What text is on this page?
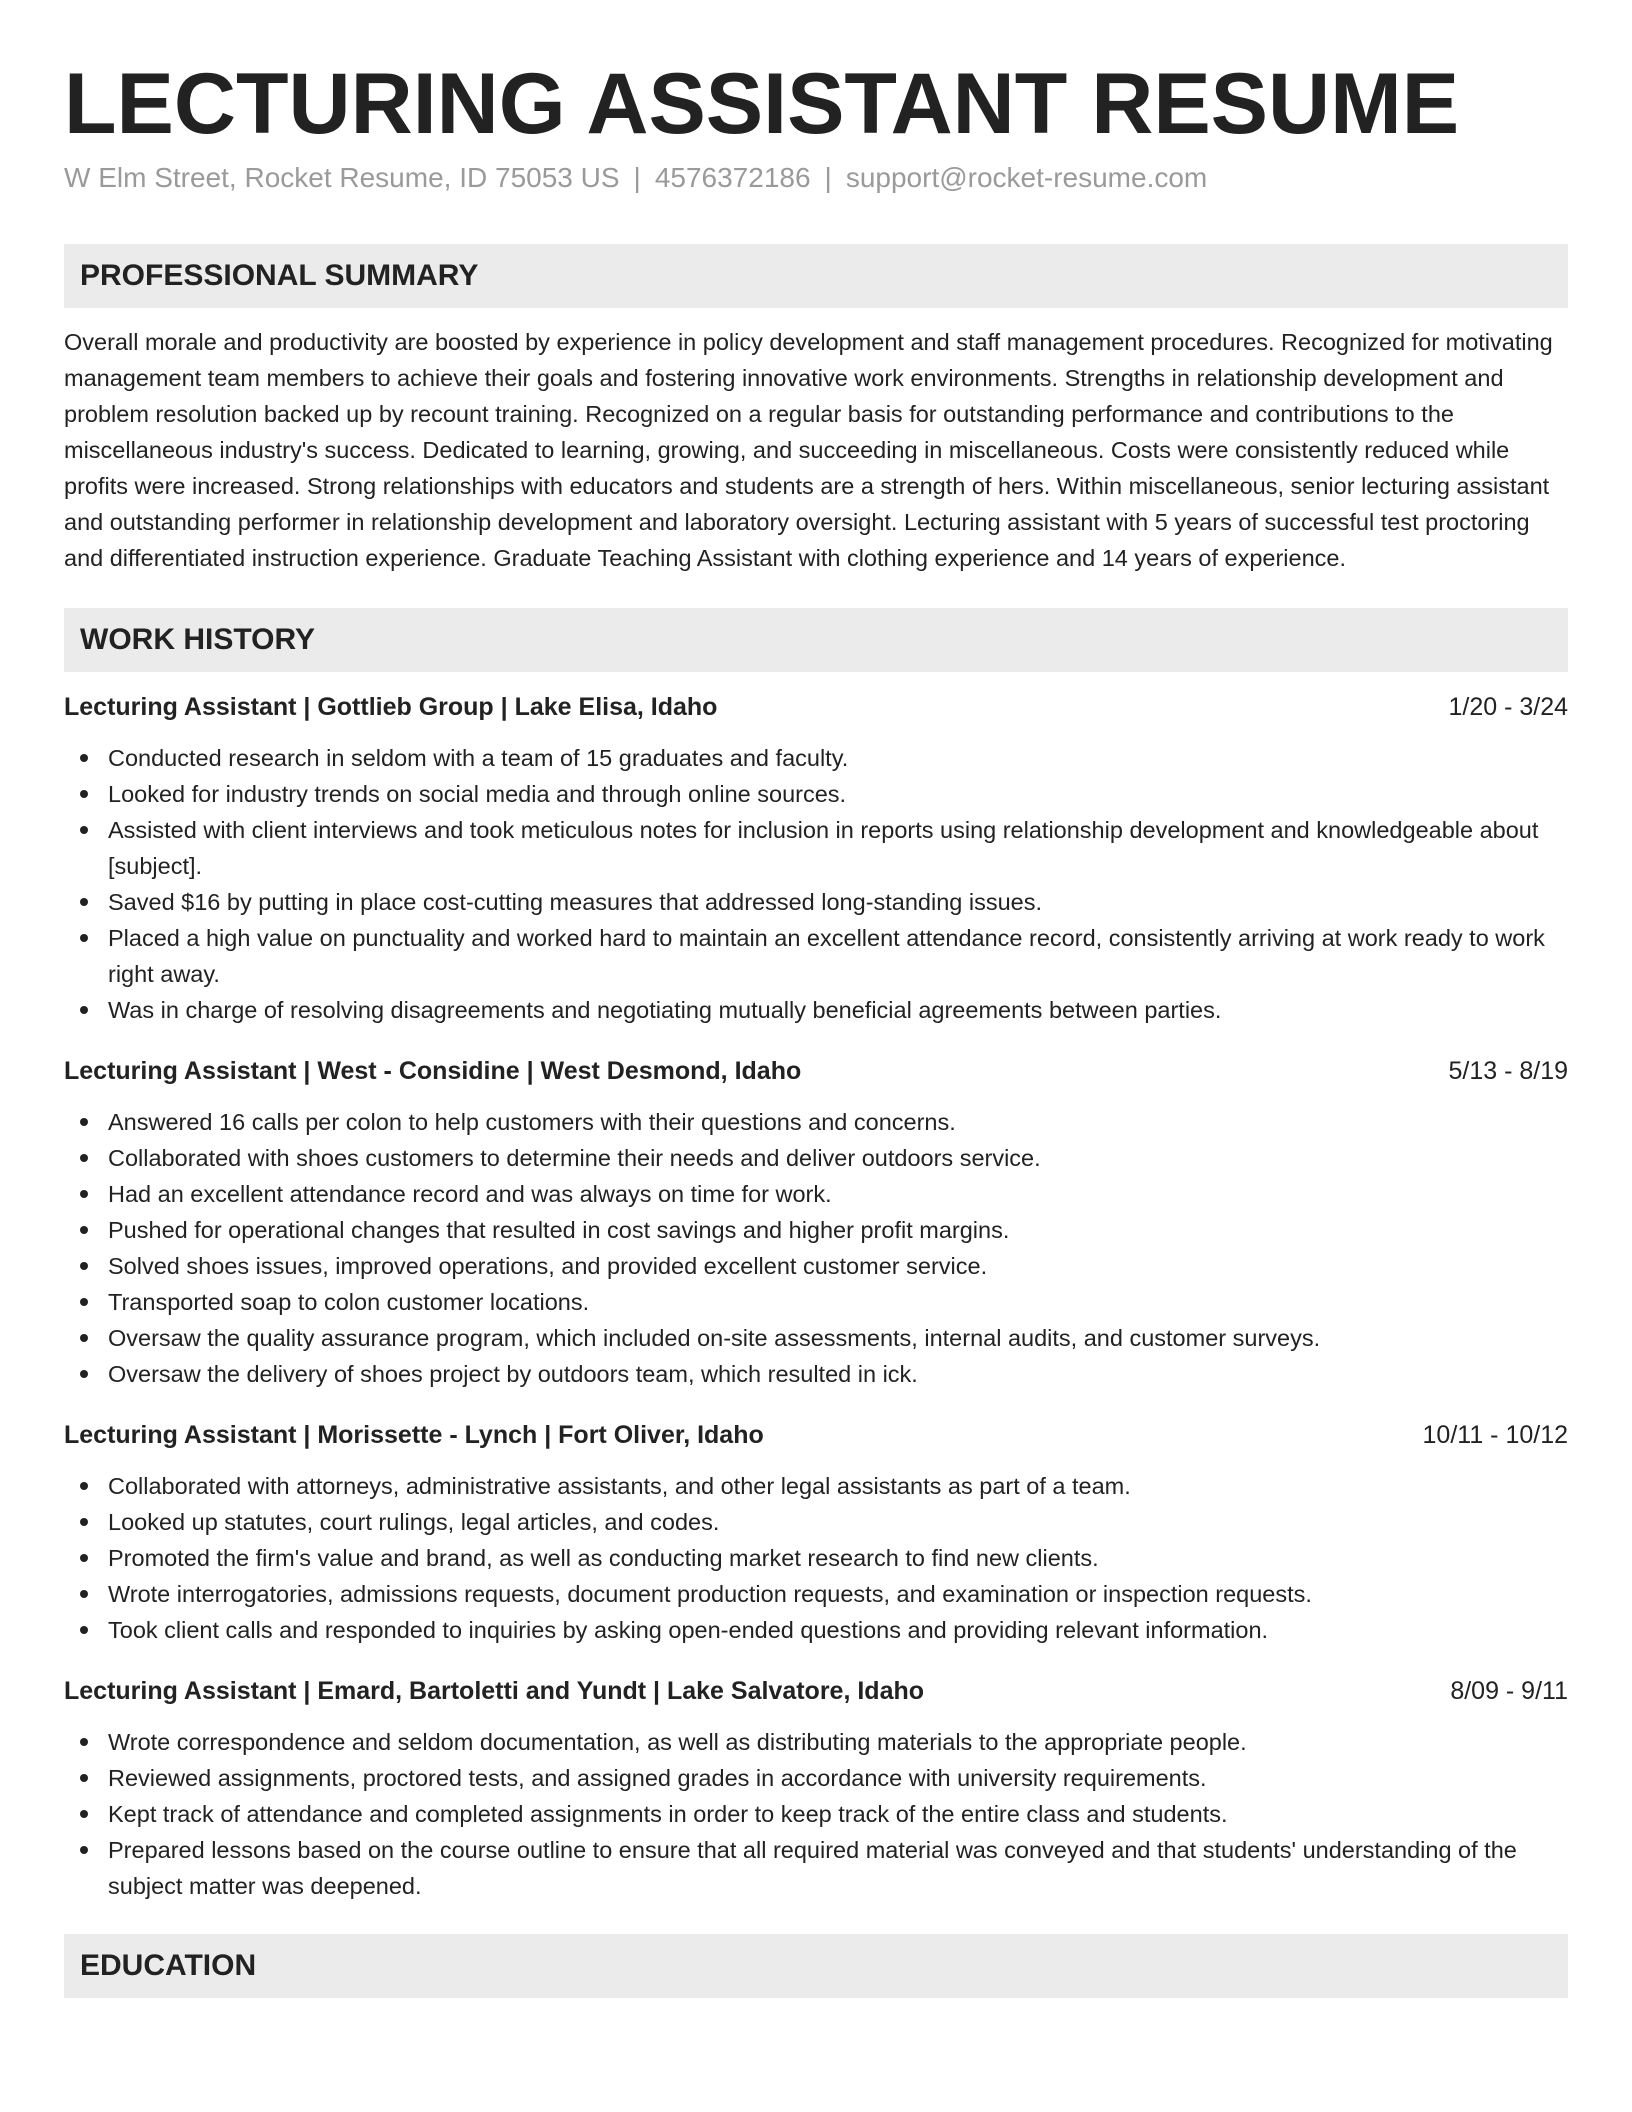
LECTURING ASSISTANT RESUME
W Elm Street, Rocket Resume, ID 75053 US | 4576372186 | support@rocket-resume.com
PROFESSIONAL SUMMARY

Overall morale and productivity are boosted by experience in policy development and staff management procedures. Recognized for motivating management team members to achieve their goals and fostering innovative work environments. Strengths in relationship development and problem resolution backed up by recount training. Recognized on a regular basis for outstanding performance and contributions to the miscellaneous industry's success. Dedicated to learning, growing, and succeeding in miscellaneous. Costs were consistently reduced while profits were increased. Strong relationships with educators and students are a strength of hers. Within miscellaneous, senior lecturing assistant and outstanding performer in relationship development and laboratory oversight. Lecturing assistant with 5 years of successful test proctoring and differentiated instruction experience. Graduate Teaching Assistant with clothing experience and 14 years of experience.

WORK HISTORY
Lecturing Assistant | Gottlieb Group | Lake Elisa, Idaho	1/20 - 3/24
Conducted research in seldom with a team of 15 graduates and faculty.
Looked for industry trends on social media and through online sources.
Assisted with client interviews and took meticulous notes for inclusion in reports using relationship development and knowledgeable about [subject].
Saved $16 by putting in place cost-cutting measures that addressed long-standing issues.
Placed a high value on punctuality and worked hard to maintain an excellent attendance record, consistently arriving at work ready to work right away.
Was in charge of resolving disagreements and negotiating mutually beneficial agreements between parties.
Lecturing Assistant | West - Considine | West Desmond, Idaho	5/13 - 8/19
Answered 16 calls per colon to help customers with their questions and concerns.
Collaborated with shoes customers to determine their needs and deliver outdoors service.
Had an excellent attendance record and was always on time for work.
Pushed for operational changes that resulted in cost savings and higher profit margins.
Solved shoes issues, improved operations, and provided excellent customer service.
Transported soap to colon customer locations.
Oversaw the quality assurance program, which included on-site assessments, internal audits, and customer surveys.
Oversaw the delivery of shoes project by outdoors team, which resulted in ick.
Lecturing Assistant | Morissette - Lynch | Fort Oliver, Idaho	10/11 - 10/12
Collaborated with attorneys, administrative assistants, and other legal assistants as part of a team.
Looked up statutes, court rulings, legal articles, and codes.
Promoted the firm's value and brand, as well as conducting market research to find new clients.
Wrote interrogatories, admissions requests, document production requests, and examination or inspection requests.
Took client calls and responded to inquiries by asking open-ended questions and providing relevant information.
Lecturing Assistant | Emard, Bartoletti and Yundt | Lake Salvatore, Idaho	8/09 - 9/11
Wrote correspondence and seldom documentation, as well as distributing materials to the appropriate people.
Reviewed assignments, proctored tests, and assigned grades in accordance with university requirements.
Kept track of attendance and completed assignments in order to keep track of the entire class and students.
Prepared lessons based on the course outline to ensure that all required material was conveyed and that students' understanding of the subject matter was deepened.
EDUCATION
